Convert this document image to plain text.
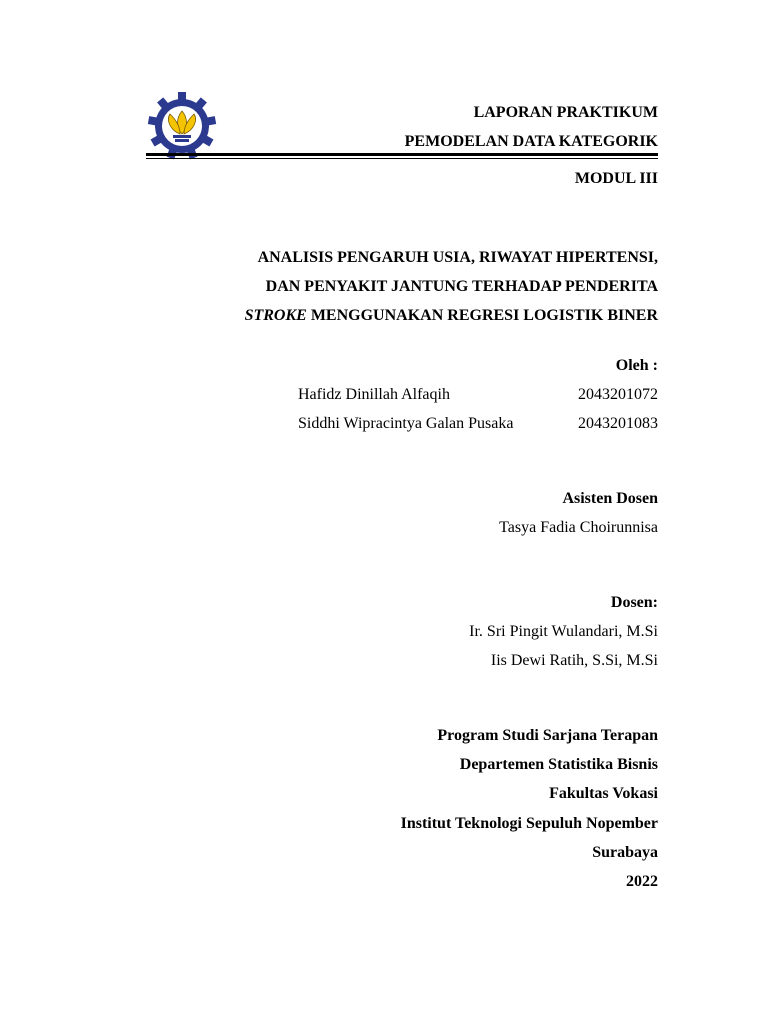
LAPORAN PRAKTIKUM
PEMODELAN DATA KATEGORIK
MODUL III
ANALISIS PENGARUH USIA, RIWAYAT HIPERTENSI,
DAN PENYAKIT JANTUNG TERHADAP PENDERITA
STROKE MENGGUNAKAN REGRESI LOGISTIK BINER
Oleh :
Hafidz Dinillah Alfaqih	2043201072
Siddhi Wipracintya Galan Pusaka	2043201083
Asisten Dosen
Tasya Fadia Choirunnisa
Dosen:
Ir. Sri Pingit Wulandari, M.Si
Iis Dewi Ratih, S.Si, M.Si
Program Studi Sarjana Terapan
Departemen Statistika Bisnis
Fakultas Vokasi
Institut Teknologi Sepuluh Nopember
Surabaya
2022
